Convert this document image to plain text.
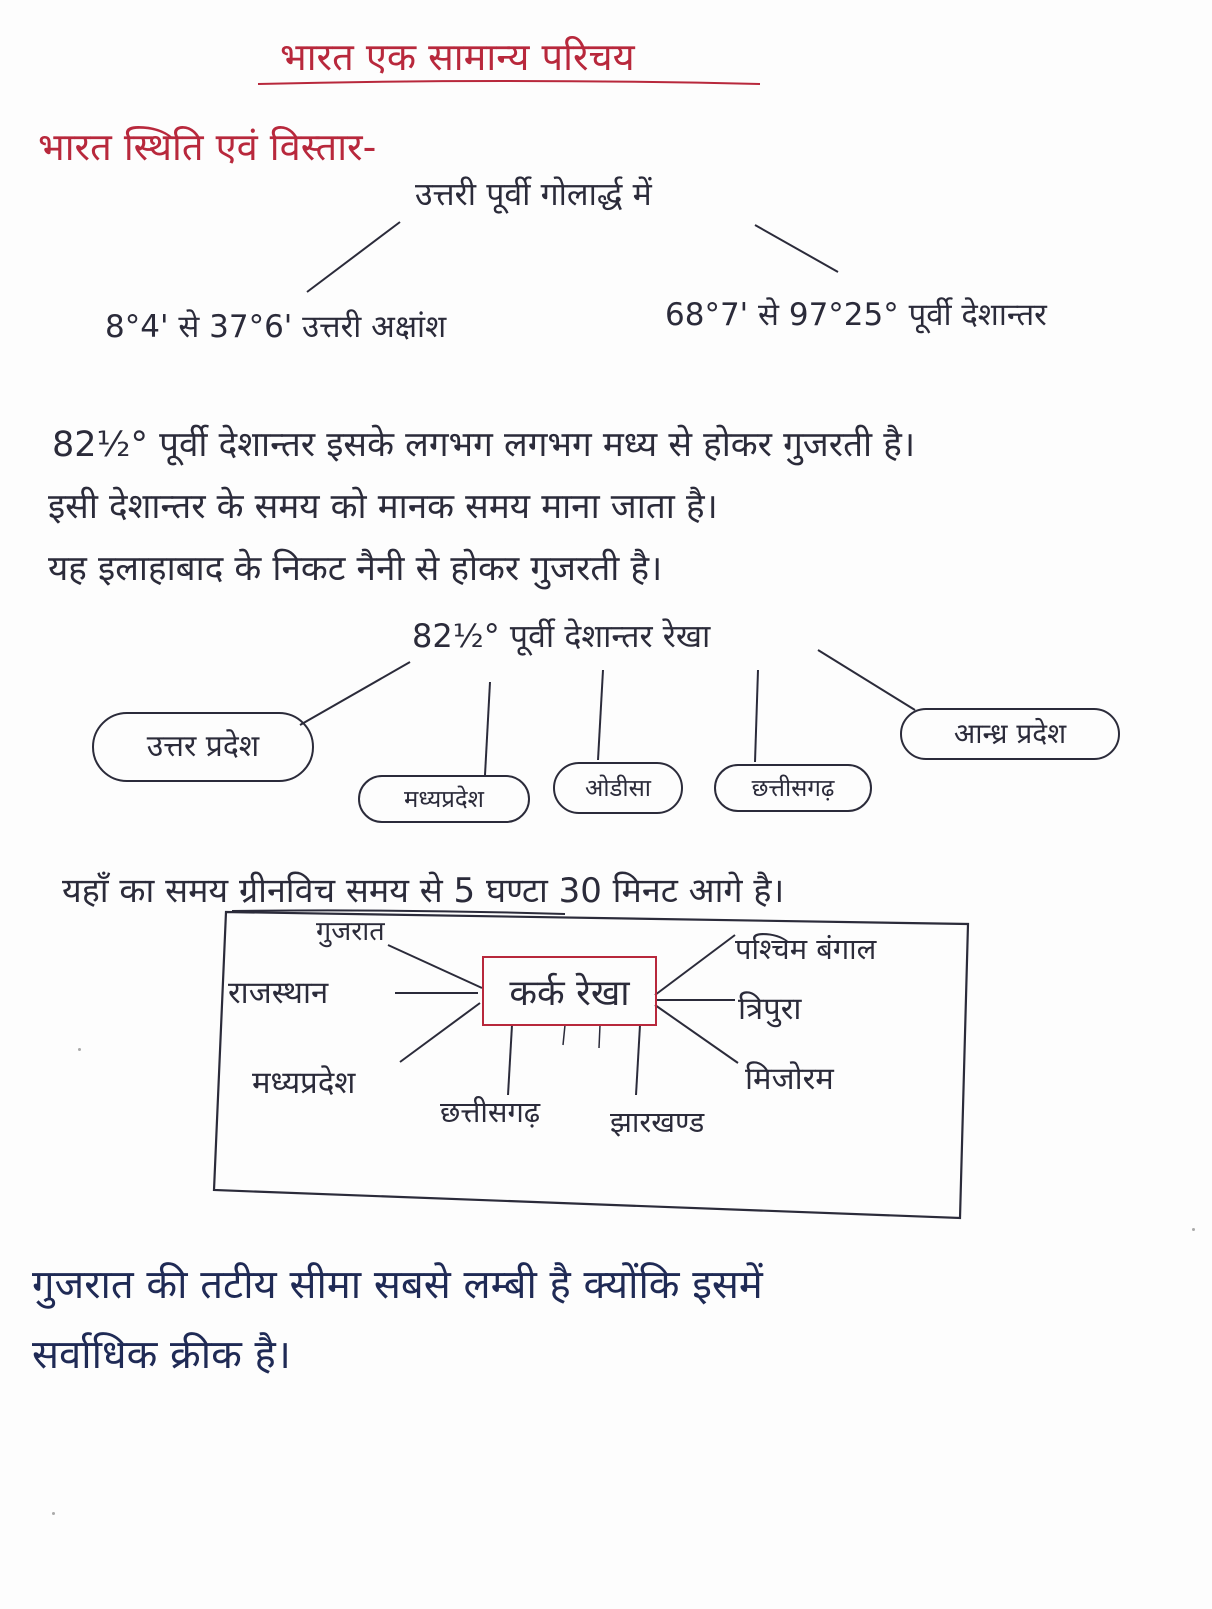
भारत एक सामान्य परिचय
भारत स्थिति एवं विस्तार-
उत्तरी पूर्वी गोलार्द्ध में
8°4' से 37°6' उत्तरी अक्षांश	68°7' से 97°25° पूर्वी देशान्तर
82½° पूर्वी देशान्तर इसके लगभग लगभग मध्य से होकर गुजरती है।
इसी देशान्तर के समय को मानक समय माना जाता है।
यह इलाहाबाद के निकट नैनी से होकर गुजरती है।
82½° पूर्वी देशान्तर रेखा
उत्तर प्रदेश
मध्यप्रदेश	ओडीसा	छत्तीसगढ़
आन्ध्र प्रदेश
यहाँ का समय ग्रीनविच समय से 5 घण्टा 30 मिनट आगे है।
कर्क रेखा
गुजरात
राजस्थान
मध्यप्रदेश
छत्तीसगढ़ झारखण्ड
पश्चिम बंगाल
त्रिपुरा
मिजोरम
गुजरात की तटीय सीमा सबसे लम्बी है क्योंकि इसमें
सर्वाधिक क्रीक है।
